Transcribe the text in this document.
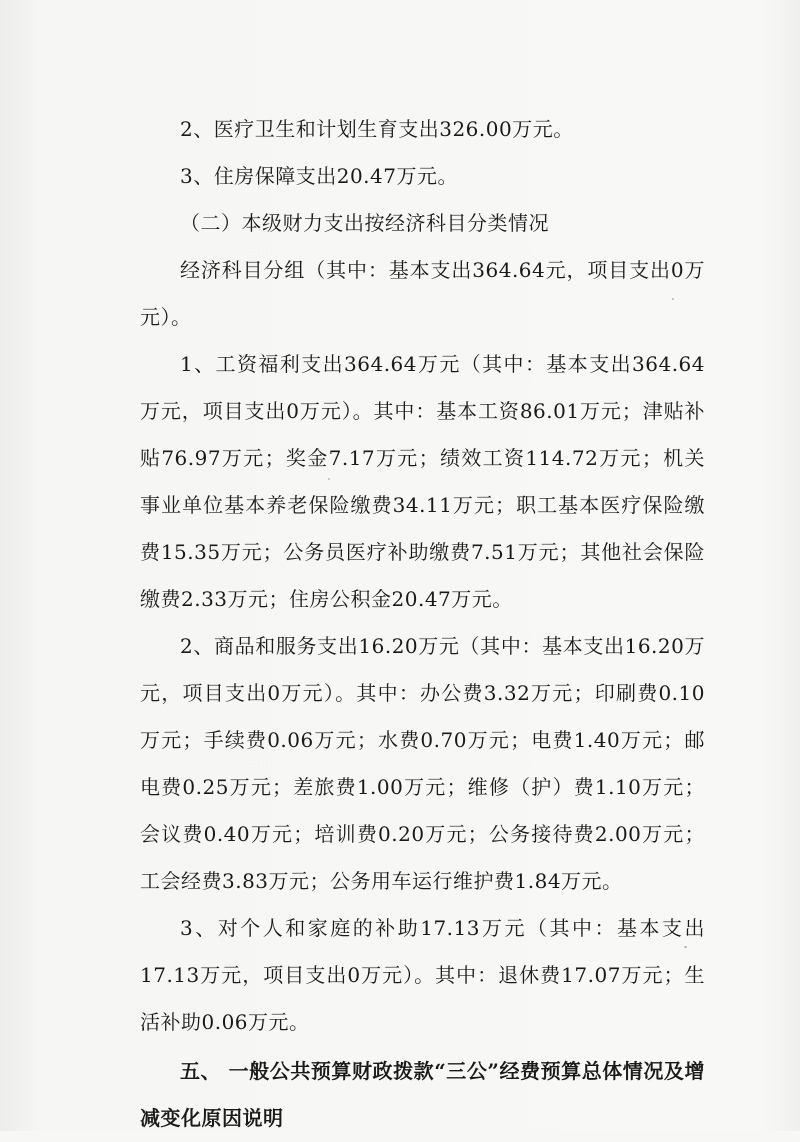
2、医疗卫生和计划生育支出326.00万元。

3、住房保障支出20.47万元。

（二）本级财力支出按经济科目分类情况

经济科目分组（其中：基本支出364.64元，项目支出0万元）。

1、工资福利支出364.64万元（其中：基本支出364.64万元，项目支出0万元）。其中：基本工资86.01万元；津贴补贴76.97万元；奖金7.17万元；绩效工资114.72万元；机关事业单位基本养老保险缴费34.11万元；职工基本医疗保险缴费15.35万元；公务员医疗补助缴费7.51万元；其他社会保险缴费2.33万元；住房公积金20.47万元。

2、商品和服务支出16.20万元（其中：基本支出16.20万元，项目支出0万元）。其中：办公费3.32万元；印刷费0.10万元；手续费0.06万元；水费0.70万元；电费1.40万元；邮电费0.25万元；差旅费1.00万元；维修（护）费1.10万元；会议费0.40万元；培训费0.20万元；公务接待费2.00万元；工会经费3.83万元；公务用车运行维护费1.84万元。

3、对个人和家庭的补助17.13万元（其中：基本支出17.13万元，项目支出0万元）。其中：退休费17.07万元；生活补助0.06万元。

五、 一般公共预算财政拨款“三公”经费预算总体情况及增减变化原因说明
